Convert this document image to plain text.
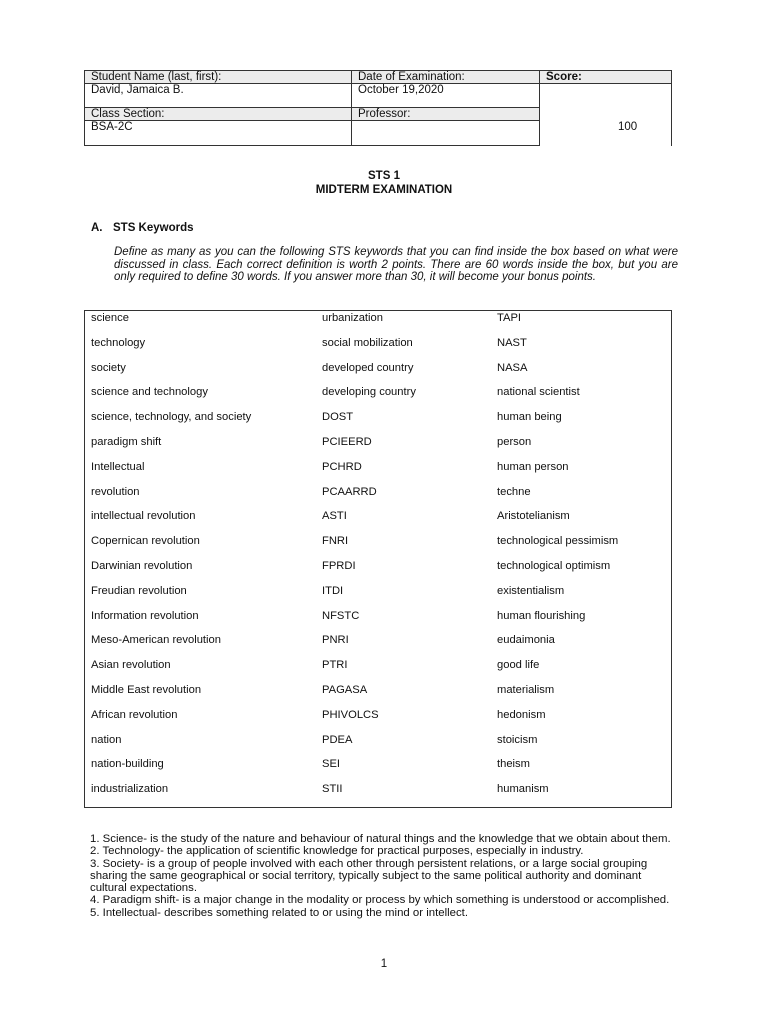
Student Name (last, first):	Date of Examination:	Score:
David, Jamaica B.	October 19,2020
100
Class Section:	Professor:
BSA-2C
STS 1
MIDTERM EXAMINATION
A. STS Keywords
Define as many as you can the following STS keywords that you can find inside the box based on what were discussed in class. Each correct definition is worth 2 points. There are 60 words inside the box, but you are only required to define 30 words. If you answer more than 30, it will become your bonus points.
science	urbanization	TAPI
technology	social mobilization	NAST
society	developed country	NASA
science and technology	developing country	national scientist
science, technology, and society	DOST	human being
paradigm shift	PCIEERD	person
Intellectual	PCHRD	human person
revolution	PCAARRD	techne
intellectual revolution	ASTI	Aristotelianism
Copernican revolution	FNRI	technological pessimism
Darwinian revolution	FPRDI	technological optimism
Freudian revolution	ITDI	existentialism
Information revolution	NFSTC	human flourishing
Meso-American revolution	PNRI	eudaimonia
Asian revolution	PTRI	good life
Middle East revolution	PAGASA	materialism
African revolution	PHIVOLCS	hedonism
nation	PDEA	stoicism
nation-building	SEI	theism
industrialization	STII	humanism

1. Science- is the study of the nature and behaviour of natural things and the knowledge that we obtain about them.

2. Technology- the application of scientific knowledge for practical purposes, especially in industry.

3. Society- is a group of people involved with each other through persistent relations, or a large social grouping sharing the same geographical or social territory, typically subject to the same political authority and dominant cultural expectations.

4. Paradigm shift- is a major change in the modality or process by which something is understood or accomplished.

5. Intellectual- describes something related to or using the mind or intellect.

1
